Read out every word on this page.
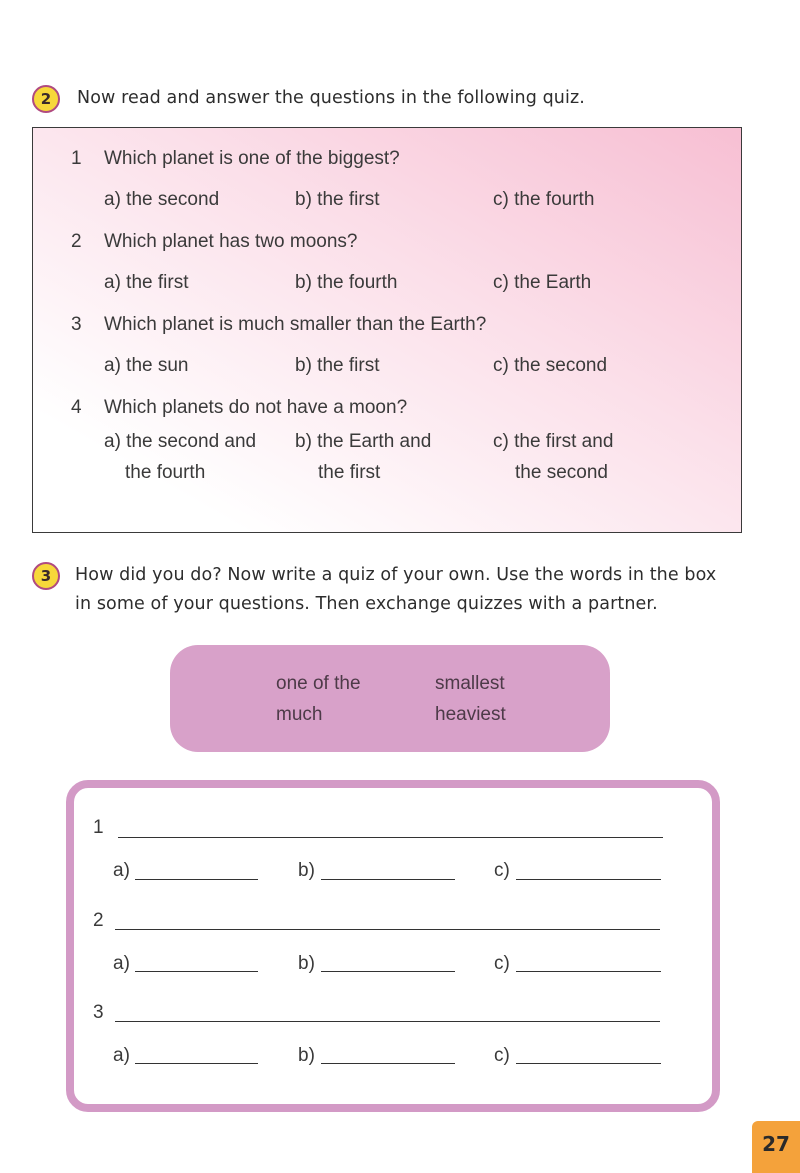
2	Now read and answer the questions in the following quiz.
1 Which planet is one of the biggest?
a) the second	b) the first	c) the fourth
2 Which planet has two moons?
a) the first	b) the fourth	c) the Earth
3 Which planet is much smaller than the Earth?
a) the sun	b) the first	c) the second
4 Which planets do not have a moon?
a) the second and
the fourth
b) the Earth and
the first
c) the first and
the second
3	How did you do? Now write a quiz of your own. Use the words in the box
in some of your questions. Then exchange quizzes with a partner.
one of the	smallest
much	heaviest
1
a)	b)	c)
2
a)	b)	c)
3
a)	b)	c)
27
